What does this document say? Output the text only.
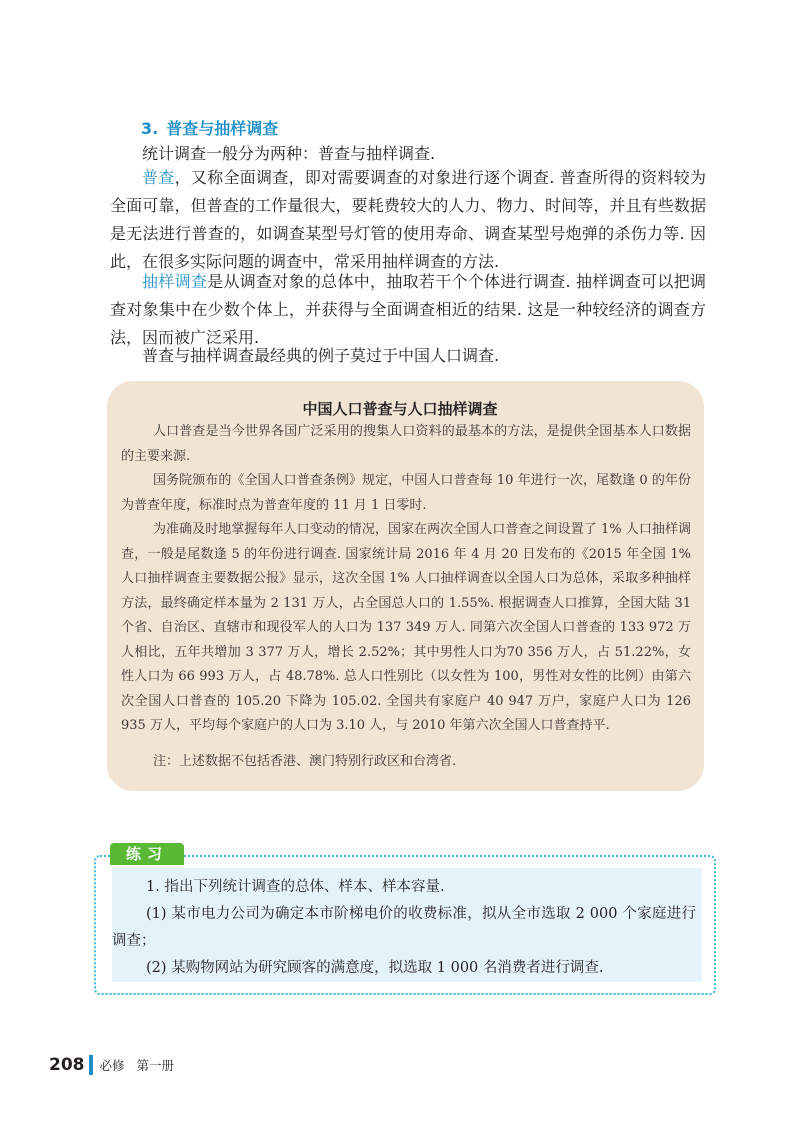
3. 普查与抽样调查

统计调查一般分为两种：普查与抽样调查.

普查，又称全面调查，即对需要调查的对象进行逐个调查. 普查所得的资料较为全面可靠，但普查的工作量很大，要耗费较大的人力、物力、时间等，并且有些数据是无法进行普查的，如调查某型号灯管的使用寿命、调查某型号炮弹的杀伤力等. 因此，在很多实际问题的调查中，常采用抽样调查的方法.

抽样调查是从调查对象的总体中，抽取若干个个体进行调查. 抽样调查可以把调查对象集中在少数个体上，并获得与全面调查相近的结果. 这是一种较经济的调查方法，因而被广泛采用.

普查与抽样调查最经典的例子莫过于中国人口调查.

中国人口普查与人口抽样调查

人口普查是当今世界各国广泛采用的搜集人口资料的最基本的方法，是提供全国基本人口数据的主要来源.

国务院颁布的《全国人口普查条例》规定，中国人口普查每 10 年进行一次，尾数逢 0 的年份为普查年度，标准时点为普查年度的 11 月 1 日零时.

为准确及时地掌握每年人口变动的情况，国家在两次全国人口普查之间设置了 1% 人口抽样调查，一般是尾数逢 5 的年份进行调查. 国家统计局 2016 年 4 月 20 日发布的《2015 年全国 1% 人口抽样调查主要数据公报》显示，这次全国 1% 人口抽样调查以全国人口为总体，采取多种抽样方法，最终确定样本量为 2 131 万人，占全国总人口的 1.55%. 根据调查人口推算，全国大陆 31 个省、自治区、直辖市和现役军人的人口为 137 349 万人. 同第六次全国人口普查的 133 972 万人相比，五年共增加 3 377 万人，增长 2.52%；其中男性人口为70 356 万人，占 51.22%，女性人口为 66 993 万人，占 48.78%. 总人口性别比（以女性为 100，男性对女性的比例）由第六次全国人口普查的 105.20 下降为 105.02. 全国共有家庭户 40 947 万户，家庭户人口为 126 935 万人，平均每个家庭户的人口为 3.10 人，与 2010 年第六次全国人口普查持平.

注：上述数据不包括香港、澳门特别行政区和台湾省.

练习

1. 指出下列统计调查的总体、样本、样本容量.

(1) 某市电力公司为确定本市阶梯电价的收费标准，拟从全市选取 2 000 个家庭进行调查；

(2) 某购物网站为研究顾客的满意度，拟选取 1 000 名消费者进行调查.

208 必修 第一册
